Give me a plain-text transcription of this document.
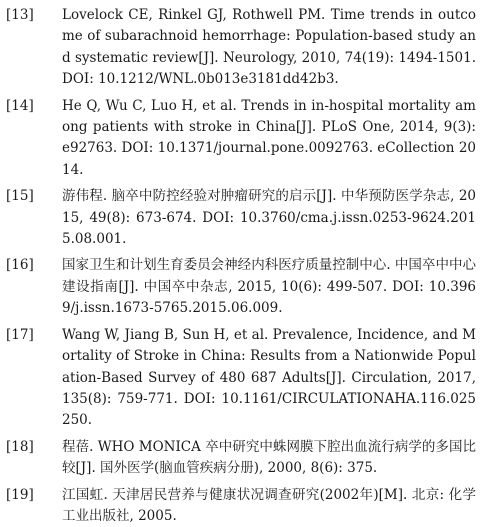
[13]	Lovelock CE, Rinkel GJ, Rothwell PM. Time trends in outcome of subarachnoid hemorrhage: Population-based study and systematic review[J]. Neurology, 2010, 74(19): 1494-1501. DOI: 10.1212/WNL.0b013e3181dd42b3.
[14]	He Q, Wu C, Luo H, et al. Trends in in-hospital mortality among patients with stroke in China[J]. PLoS One, 2014, 9(3): e92763. DOI: 10.1371/journal.pone.0092763. eCollection 2014.
[15]	游伟程. 脑卒中防控经验对肿瘤研究的启示[J]. 中华预防医学杂志, 2015, 49(8): 673-674. DOI: 10.3760/cma.j.issn.0253-9624.2015.08.001.
[16]	国家卫生和计划生育委员会神经内科医疗质量控制中心. 中国卒中中心建设指南[J]. 中国卒中杂志, 2015, 10(6): 499-507. DOI: 10.3969/j.issn.1673-5765.2015.06.009.
[17]	Wang W, Jiang B, Sun H, et al. Prevalence, Incidence, and Mortality of Stroke in China: Results from a Nationwide Population-Based Survey of 480 687 Adults[J]. Circulation, 2017, 135(8): 759-771. DOI: 10.1161/CIRCULATIONAHA.116.025250.
[18]	程蓓. WHO MONICA 卒中研究中蛛网膜下腔出血流行病学的多国比较[J]. 国外医学(脑血管疾病分册), 2000, 8(6): 375.
[19]	江国虹. 天津居民营养与健康状况调查研究(2002年)[M]. 北京: 化学工业出版社, 2005.
